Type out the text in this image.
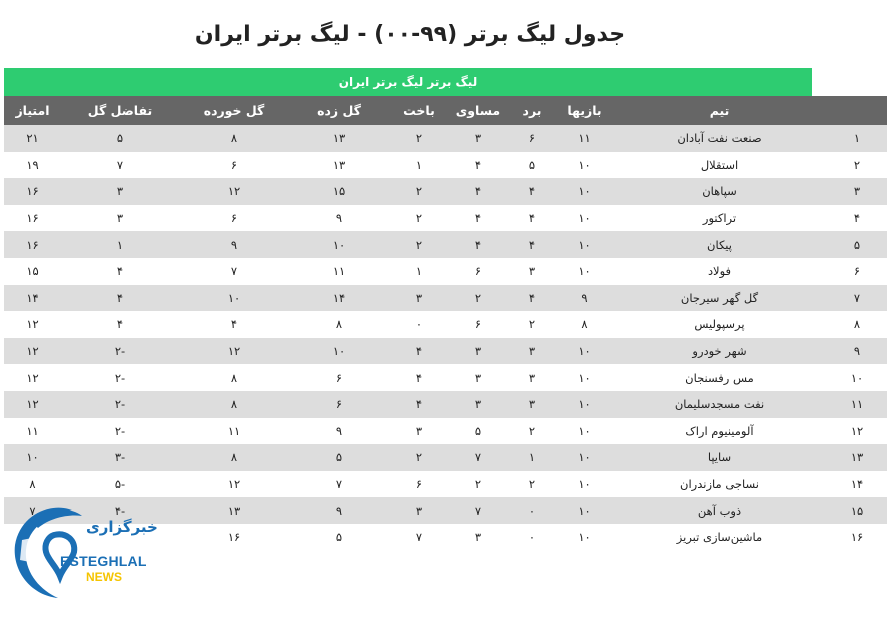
جدول لیگ برتر (۹۹-۰۰) - لیگ برتر ایران
لیگ برتر لیگ برتر ایران
	تیم	بازیها	برد	مساوی	باخت	گل زده	گل خورده	تفاضل گل	امتیاز
۱	صنعت نفت آبادان	۱۱	۶	۳	۲	۱۳	۸	۵	۲۱
۲	استقلال	۱۰	۵	۴	۱	۱۳	۶	۷	۱۹
۳	سپاهان	۱۰	۴	۴	۲	۱۵	۱۲	۳	۱۶
۴	تراکتور	۱۰	۴	۴	۲	۹	۶	۳	۱۶
۵	پیکان	۱۰	۴	۴	۲	۱۰	۹	۱	۱۶
۶	فولاد	۱۰	۳	۶	۱	۱۱	۷	۴	۱۵
۷	گل گهر سیرجان	۹	۴	۲	۳	۱۴	۱۰	۴	۱۴
۸	پرسپولیس	۸	۲	۶	۰	۸	۴	۴	۱۲
۹	شهر خودرو	۱۰	۳	۳	۴	۱۰	۱۲	-۲	۱۲
۱۰	مس رفسنجان	۱۰	۳	۳	۴	۶	۸	-۲	۱۲
۱۱	نفت مسجدسلیمان	۱۰	۳	۳	۴	۶	۸	-۲	۱۲
۱۲	آلومینیوم اراک	۱۰	۲	۵	۳	۹	۱۱	-۲	۱۱
۱۳	سایپا	۱۰	۱	۷	۲	۵	۸	-۳	۱۰
۱۴	نساجی مازندران	۱۰	۲	۲	۶	۷	۱۲	-۵	۸
۱۵	ذوب آهن	۱۰	۰	۷	۳	۹	۱۳	-۴	۷
۱۶	ماشین‌سازی تبریز	۱۰	۰	۳	۷	۵	۱۶		
خبرگزاری
ESTEGHLAL
NEWS
